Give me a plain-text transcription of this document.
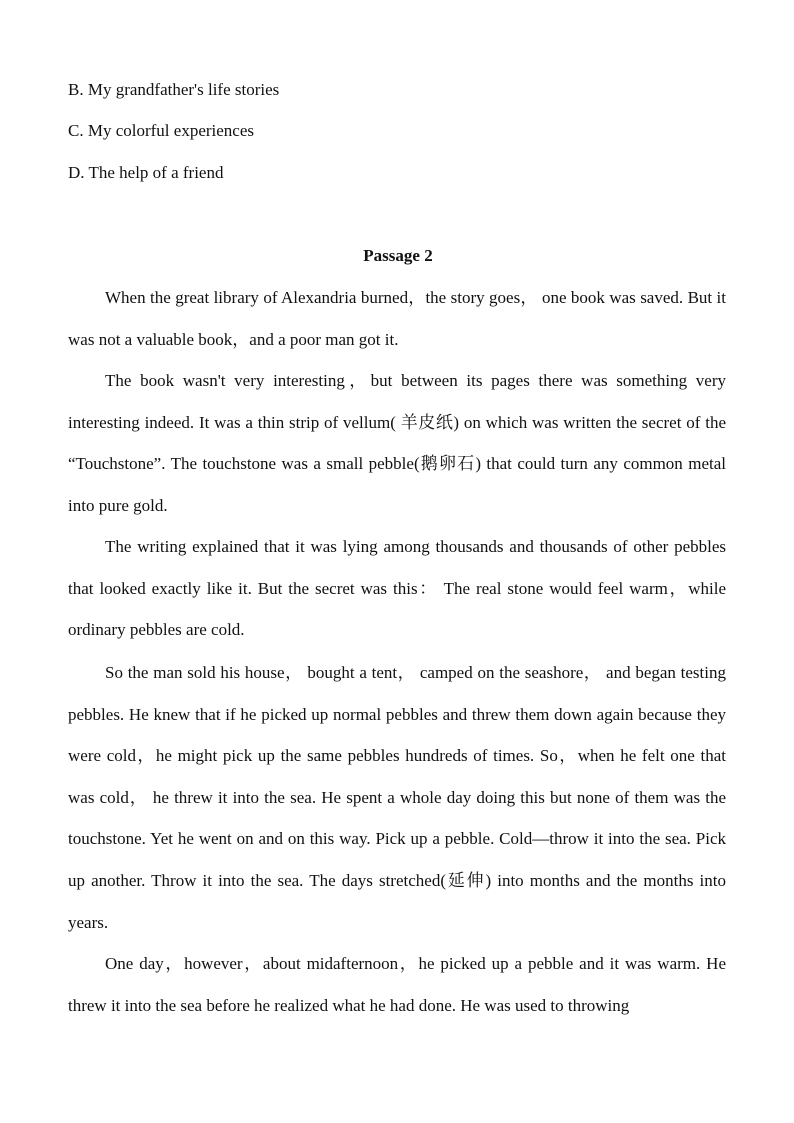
B. My grandfather's life stories
C. My colorful experiences
D. The help of a friend
Passage 2

When the great library of Alexandria burned，the story goes， one book was saved. But it was not a valuable book，and a poor man got it.

The book wasn't very interesting，but between its pages there was something very interesting indeed. It was a thin strip of vellum( 羊皮纸) on which was written the secret of the “Touchstone”. The touchstone was a small pebble(鹅卵石) that could turn any common metal into pure gold.

The writing explained that it was lying among thousands and thousands of other pebbles that looked exactly like it. But the secret was this： The real stone would feel warm，while ordinary pebbles are cold.

So the man sold his house， bought a tent， camped on the seashore， and began testing pebbles. He knew that if he picked up normal pebbles and threw them down again because they were cold，he might pick up the same pebbles hundreds of times. So，when he felt one that was cold， he threw it into the sea. He spent a whole day doing this but none of them was the touchstone. Yet he went on and on this way. Pick up a pebble. Cold—throw it into the sea. Pick up another. Throw it into the sea. The days stretched(延伸) into months and the months into years.

One day，however，about midafternoon，he picked up a pebble and it was warm. He threw it into the sea before he realized what he had done. He was used to throwing
